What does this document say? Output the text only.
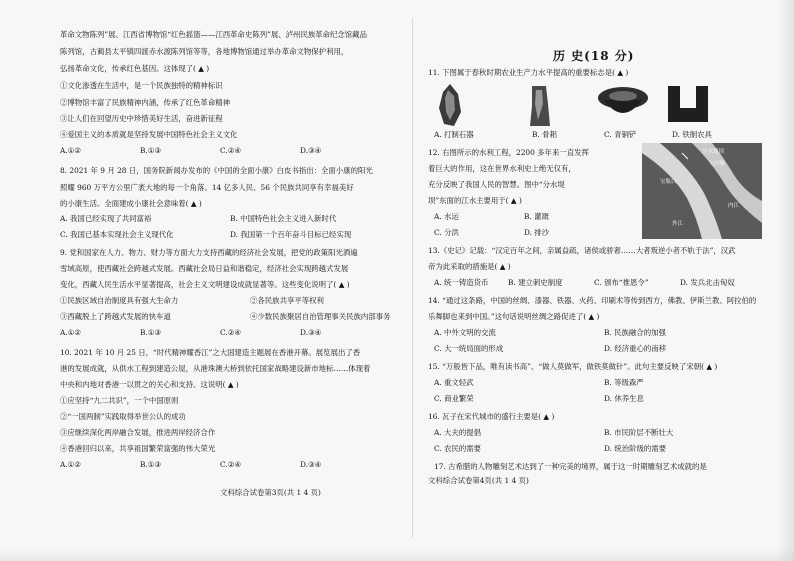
革命文物陈列”展、江西省博物馆“红色摇篮——江西革命史陈列”展、泸州民族革命纪念馆藏品
陈列馆，古蔺县太平镇四渡赤水渡陈列馆等等，各地博物馆通过举办革命文物保护利用，
弘扬革命文化，传承红色基因。这体现了( ▲ )
①文化渗透在生活中，是一个民族独特的精神标识
②博物馆丰富了民族精神内涵，传承了红色革命精神
③让人们在回望历史中珍惜美好生活，奋进新征程
④爱国主义的本质就是坚持发展中国特色社会主义文化
A.①②	B.①③	C.②④	D.③④
8. 2021 年 9 月 28 日，国务院新闻办发布的《中国的全面小康》白皮书指出：全面小康的阳光
照耀 960 万平方公里广袤大地的每一个角落。14 亿多人民、56 个民族共同享有幸福美好
的小康生活。全面建成小康社会意味着( ▲ )
A. 我国已经实现了共同富裕	B. 中国特色社会主义进入新时代
C. 我国已基本实现社会主义现代化	D. 我国第一个百年奋斗目标已经实现
9. 党和国家在人力、物力、财力等方面大力支持西藏的经济社会发展，把党的政策阳光洒遍
雪域高原，使西藏社会跨越式发展。西藏社会局日益和谐稳定，经济社会实现跨越式发展
变化，西藏人民生活水平显著提高，社会主义文明建设成就显著等。这些变化说明了( ▲ )
①民族区域自治制度具有强大生命力	②各民族共享平等权利
③西藏脱上了跨越式发展的快车道	④少数民族聚居自治管理事关民族内部事务
A.①②	B.①③	C.②④	D.③④
10. 2021 年 10 月 25 日，“时代精神耀香江”之大国建造主题展在香港开幕。展览展出了香
港的发展成就，从供水工程到建造公屋，从港珠澳大桥到依托国家战略建设新市地标……体现着
中央和内地对香港一以贯之的关心和支持。这说明( ▲ )
①应坚持“九二共识”，一个中国原则
②“一国两制”实践取得举世公认的成功
③应继续深化两岸融合发展，推进两岸经济合作
④香港回归以来，共享祖国繁荣富强的伟大荣光
A.①②	B.①③	C.②④	D.③④
文科综合试卷第3页(共 1 4 页)
历 史(18 分)
11. 下图属于春秋时期农业生产力水平提高的重要标志是( ▲ )
A. 打制石器	B. 骨耜	C. 青铜铲	D. 铁制农具
12. 右图所示的水利工程，2200 多年来一直发挥
着巨大的作用，这在世界水利史上绝无仅有，
充分反映了我国人民的智慧。图中“分水堤
坝”东面的江水主要用于( ▲ )
A. 水运	B. 灌溉
C. 分洪	D. 排沙
分水堤坝
飞沙堰
宝瓶口
内江
外江
13.《史记》记载：“汉定百年之间，亲属益疏，诸侯或骄奢……大者叛逆小者不轨于法”，汉武
帝为此采取的措施是( ▲ )
A. 统一铸造货币	B. 建立刺史制度	C. 颁布“推恩令”	D. 发兵北击匈奴
14. “通过这条路，中国的丝绸、漆器、铁器、火药、印刷术等传到西方，佛教、伊斯兰教、阿拉伯的
乐舞脚也来到中国。”这句话说明丝绸之路促进了( ▲ )
A. 中外文明的交流	B. 民族融合的加强
C. 大一统局面的形成	D. 经济重心的南移
15. “万般皆下品，唯有读书高”、“做人莫做军，做铁莫做针”。此句主要反映了宋朝( ▲ )
A. 重文轻武	B. 等级森严
C. 商业繁荣	D. 休养生息
16. 瓦子在宋代城市的盛行主要是( ▲ )
A. 大夫的提倡	B. 市民阶层不断壮大
C. 农民的需要	D. 统治阶级的需要
17. 古希腊的人物雕刻艺术达到了一种完美的境界，属于这一时期雕刻艺术成就的是
文科综合试卷第4页(共 1 4 页)
